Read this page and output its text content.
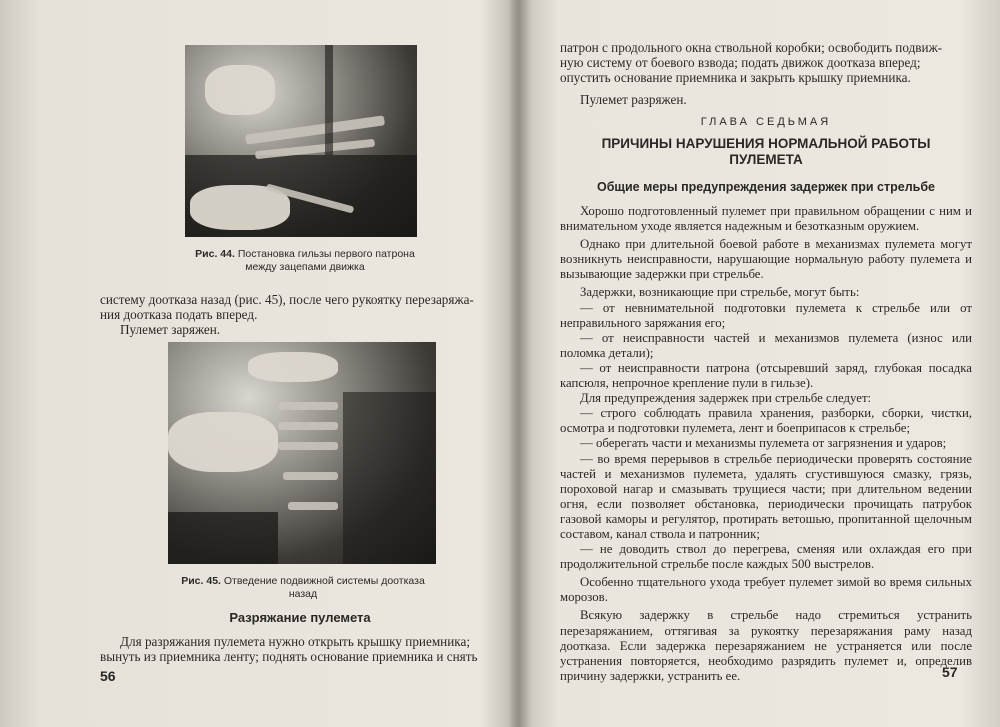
Рис. 44. Постановка гильзы первого патрона
между зацепами движка

систему доотказа назад (рис. 45), после чего рукоятку перезаряжа-

ния доотказа подать вперед.

Пулемет заряжен.

Рис. 45. Отведение подвижной системы доотказа
назад
Разряжание пулемета

Для разряжания пулемета нужно открыть крышку приемника;

вынуть из приемника ленту; поднять основание приемника и снять

56

патрон с продольного окна ствольной коробки; освободить подвиж-

ную систему от боевого взвода; подать движок доотказа вперед;

опустить основание приемника и закрыть крышку приемника.

Пулемет разряжен.

ГЛАВА СЕДЬМАЯ
ПРИЧИНЫ НАРУШЕНИЯ НОРМАЛЬНОЙ РАБОТЫ
ПУЛЕМЕТА
Общие меры предупреждения задержек при стрельбе

Хорошо подготовленный пулемет при правильном обращении с ним и внимательном уходе является надежным и безотказным оружием.

Однако при длительной боевой работе в механизмах пулемета могут возникнуть неисправности, нарушающие нормальную работу пулемета и вызывающие задержки при стрельбе.

Задержки, возникающие при стрельбе, могут быть:

— от невнимательной подготовки пулемета к стрельбе или от неправильного заряжания его;

— от неисправности частей и механизмов пулемета (износ или поломка детали);

— от неисправности патрона (отсыревший заряд, глубокая посадка капсюля, непрочное крепление пули в гильзе).

Для предупреждения задержек при стрельбе следует:

— строго соблюдать правила хранения, разборки, сборки, чистки, осмотра и подготовки пулемета, лент и боеприпасов к стрельбе;

— оберегать части и механизмы пулемета от загрязнения и ударов;

— во время перерывов в стрельбе периодически проверять состояние частей и механизмов пулемета, удалять сгустившуюся смазку, грязь, пороховой нагар и смазывать трущиеся части; при длительном ведении огня, если позволяет обстановка, периодически прочищать патрубок газовой каморы и регулятор, протирать ветошью, пропитанной щелочным составом, канал ствола и патронник;

— не доводить ствол до перегрева, сменяя или охлаждая его при продолжительной стрельбе после каждых 500 выстрелов.

Особенно тщательного ухода требует пулемет зимой во время сильных морозов.

Всякую задержку в стрельбе надо стремиться устранить перезаряжанием, оттягивая за рукоятку перезаряжания раму назад доотказа. Если задержка перезаряжанием не устраняется или после устранения повторяется, необходимо разрядить пулемет и, определив причину задержки, устранить ее.	57
